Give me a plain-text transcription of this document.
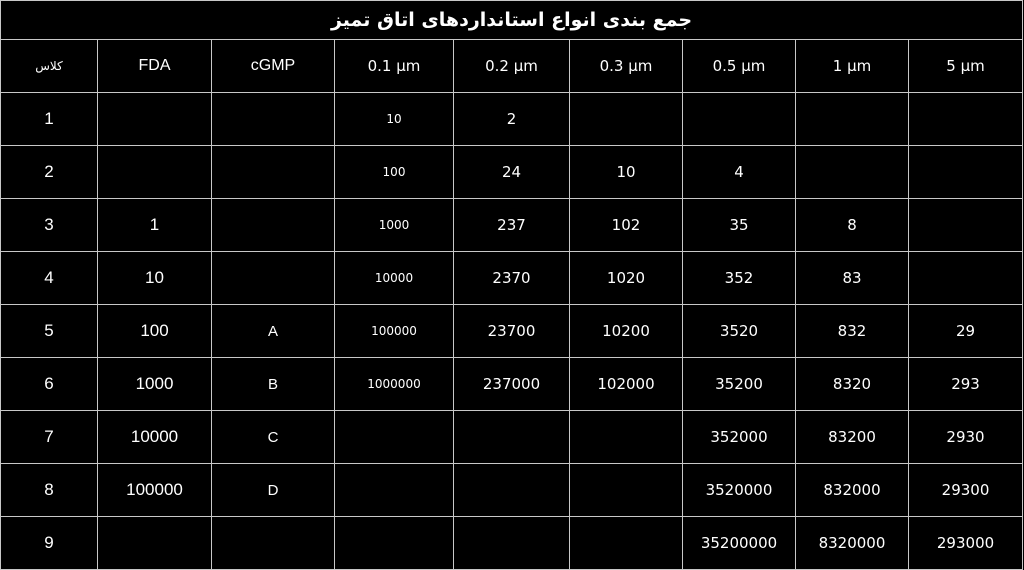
جمع بندی انواع استانداردهای اتاق تمیز								
کلاس	FDA	cGMP	0.1 µm	0.2 µm	0.3 µm	0.5 µm	1 µm	5 µm
1			10	2				
2			100	24	10	4		
3	1		1000	237	102	35	8	
4	10		10000	2370	1020	352	83	
5	100	A	100000	23700	10200	3520	832	29
6	1000	B	1000000	237000	102000	35200	8320	293
7	10000	C				352000	83200	2930
8	100000	D				3520000	832000	29300
9						35200000	8320000	293000
